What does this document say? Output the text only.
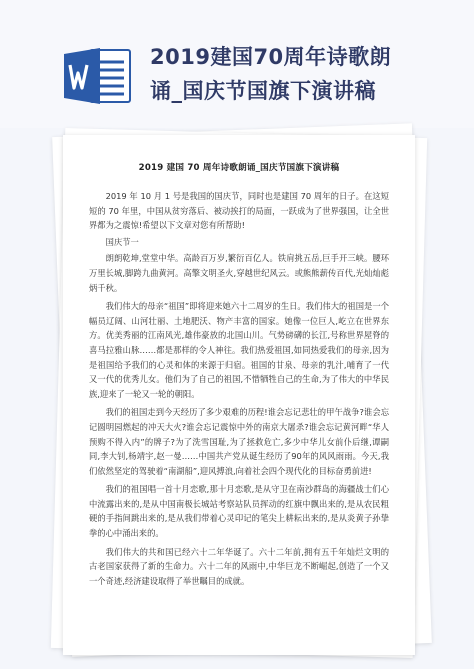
2019建国70周年诗歌朗
诵_国庆节国旗下演讲稿
2019 建国 70 周年诗歌朗诵_国庆节国旗下演讲稿

2019 年 10 月 1 号是我国的国庆节，同时也是建国 70 周年的日子。在这短短的 70 年里，中国从贫穷落后、被动挨打的局面，一跃成为了世界强国，让全世界都为之震惊!希望以下文章对您有所帮助!

国庆节一

朗朗乾坤,堂堂中华。高龄百万岁,繁衍百亿人。铁肩挑五岳,巨手开三峡。腰环万里长城,脚跨九曲黄河。高擎文明圣火,穿越世纪风云。或熊熊薪传百代,光灿灿彪炳千秋。

我们伟大的母亲“祖国”即将迎来她六十二周岁的生日。我们伟大的祖国是一个幅员辽阔、山河壮丽、土地肥沃、物产丰富的国家。她像一位巨人,屹立在世界东方。优美秀丽的江南风光,雄伟豪放的北国山川。气势磅礴的长江,号称世界屋脊的喜马拉雅山脉……都是那样的令人神往。我们热爱祖国,如同热爱我们的母亲,因为是祖国给予我们的心灵和体的来源于归宿。祖国的甘泉、母亲的乳汁,哺育了一代又一代的优秀儿女。他们为了自己的祖国,不惜牺牲自己的生命,为了伟大的中华民族,迎来了一轮又一轮的朝阳。

我们的祖国走到今天经历了多少艰难的历程!谁会忘记悲壮的甲午战争?谁会忘记圆明园燃起的冲天大火?谁会忘记震惊中外的南京大屠杀?谁会忘记黄河畔“华人预购不得入内”的牌子?为了洗雪国耻,为了拯救危亡,多少中华儿女前仆后继,谭嗣同,李大钊,杨靖宇,赵一曼……中国共产党从诞生经历了90年的风风雨雨。今天,我们依然坚定的驾驶着“南湖船”,迎风搏浪,向着社会四个现代化的目标奋勇前进!

我们的祖国唱一首十月恋歌,那十月恋歌,是从守卫在南沙群岛的海疆战士们心中流露出来的,是从中国南极长城站考察站队员挥动的红旗中飘出来的,是从农民粗硬的手指间跳出来的,是从我们带着心灵印记的笔尖上耕耘出来的,是从炎黄子孙挚拳的心中涌出来的。

我们伟大的共和国已经六十二年华诞了。六十二年前,拥有五千年灿烂文明的古老国家获得了新的生命力。六十二年的风雨中,中华巨龙不断崛起,创造了一个又一个奇迹,经济建设取得了举世瞩目的成就。
